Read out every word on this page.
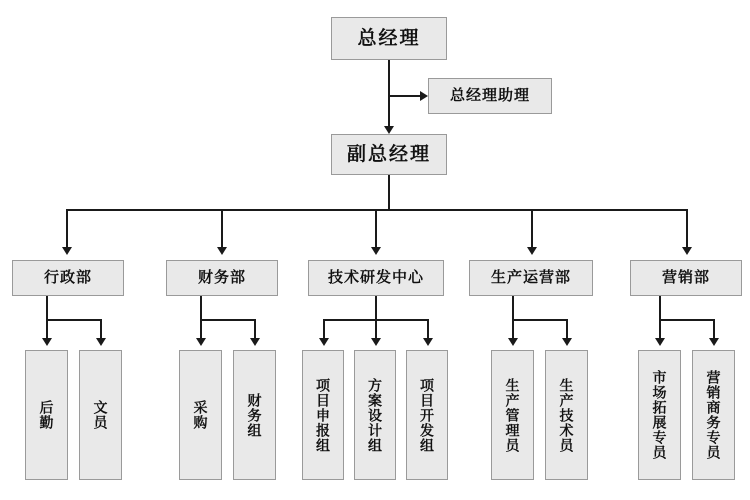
总经理
总经理助理
副总经理
行政部	财务部	技术研发中心	生产运营部	营销部
后勤	文员	采购	财务组	项目申报组	方案设计组	项目开发组	生产管理员	生产技术员	市场拓展专员	营销商务专员
